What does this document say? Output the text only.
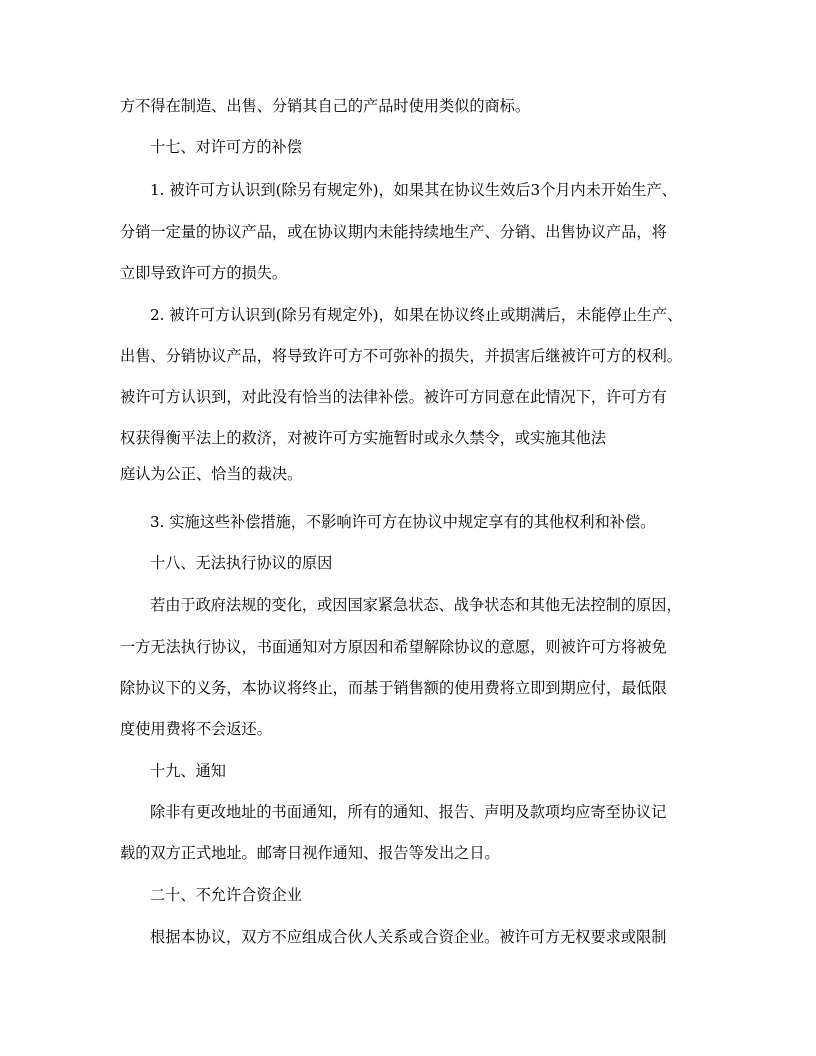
方不得在制造、出售、分销其自己的产品时使用类似的商标。
十七、对许可方的补偿
1. 被许可方认识到(除另有规定外)，如果其在协议生效后3个月内未开始生产、
分销一定量的协议产品，或在协议期内未能持续地生产、分销、出售协议产品，将
立即导致许可方的损失。
2. 被许可方认识到(除另有规定外)，如果在协议终止或期满后，未能停止生产、
出售、分销协议产品，将导致许可方不可弥补的损失，并损害后继被许可方的权利。
被许可方认识到，对此没有恰当的法律补偿。被许可方同意在此情况下，许可方有
权获得衡平法上的救济，对被许可方实施暂时或永久禁令，或实施其他法
庭认为公正、恰当的裁决。
3. 实施这些补偿措施，不影响许可方在协议中规定享有的其他权利和补偿。
十八、无法执行协议的原因
若由于政府法规的变化，或因国家紧急状态、战争状态和其他无法控制的原因，
一方无法执行协议，书面通知对方原因和希望解除协议的意愿，则被许可方将被免
除协议下的义务，本协议将终止，而基于销售额的使用费将立即到期应付，最低限
度使用费将不会返还。
十九、通知
除非有更改地址的书面通知，所有的通知、报告、声明及款项均应寄至协议记
载的双方正式地址。邮寄日视作通知、报告等发出之日。
二十、不允许合资企业
根据本协议，双方不应组成合伙人关系或合资企业。被许可方无权要求或限制
